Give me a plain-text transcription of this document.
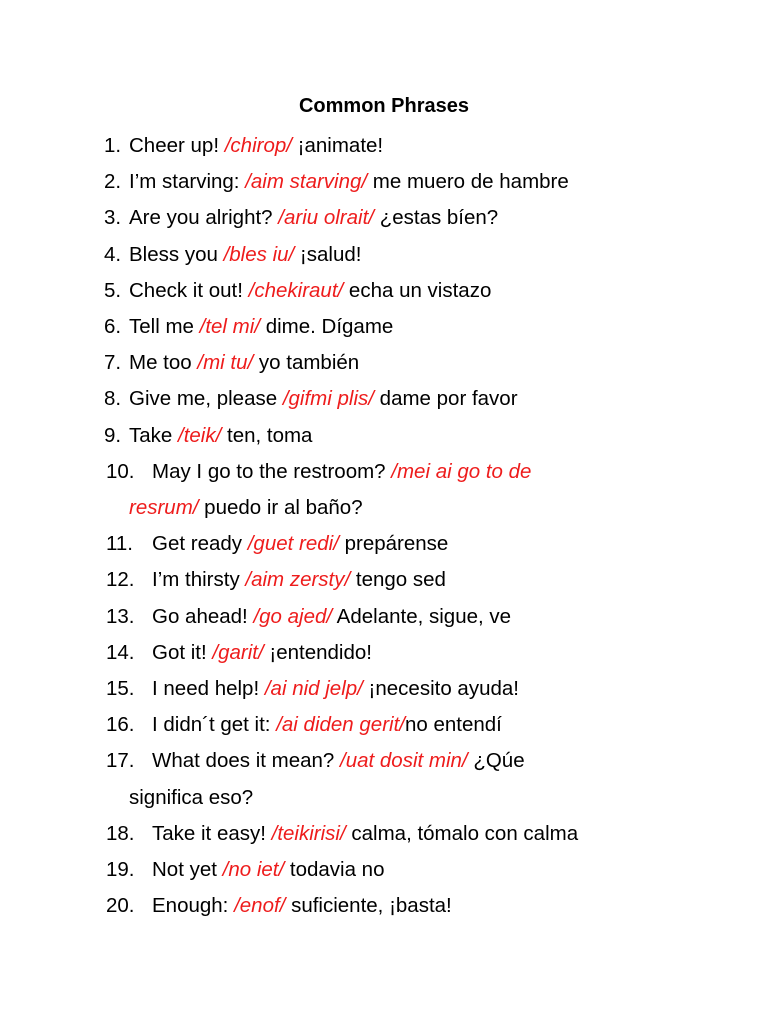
Common Phrases
1. Cheer up! /chirop/ ¡animate!
2. I’m starving: /aim starving/ me muero de hambre
3. Are you alright? /ariu olrait/ ¿estas bíen?
4. Bless you /bles iu/ ¡salud!
5. Check it out! /chekiraut/ echa un vistazo
6. Tell me /tel mi/ dime. Dígame
7. Me too /mi tu/ yo también
8. Give me, please /gifmi plis/ dame por favor
9. Take /teik/ ten, toma
10. May I go to the restroom? /mei ai go to de
resrum/ puedo ir al baño?
11. Get ready /guet redi/ prepárense
12. I’m thirsty /aim zersty/ tengo sed
13. Go ahead! /go ajed/ Adelante, sigue, ve
14. Got it! /garit/ ¡entendido!
15. I need help! /ai nid jelp/ ¡necesito ayuda!
16. I didn´t get it: /ai diden gerit/no entendí
17. What does it mean? /uat dosit min/ ¿Qúe
significa eso?
18. Take it easy! /teikirisi/ calma, tómalo con calma
19. Not yet /no iet/ todavia no
20. Enough: /enof/ suficiente, ¡basta!
